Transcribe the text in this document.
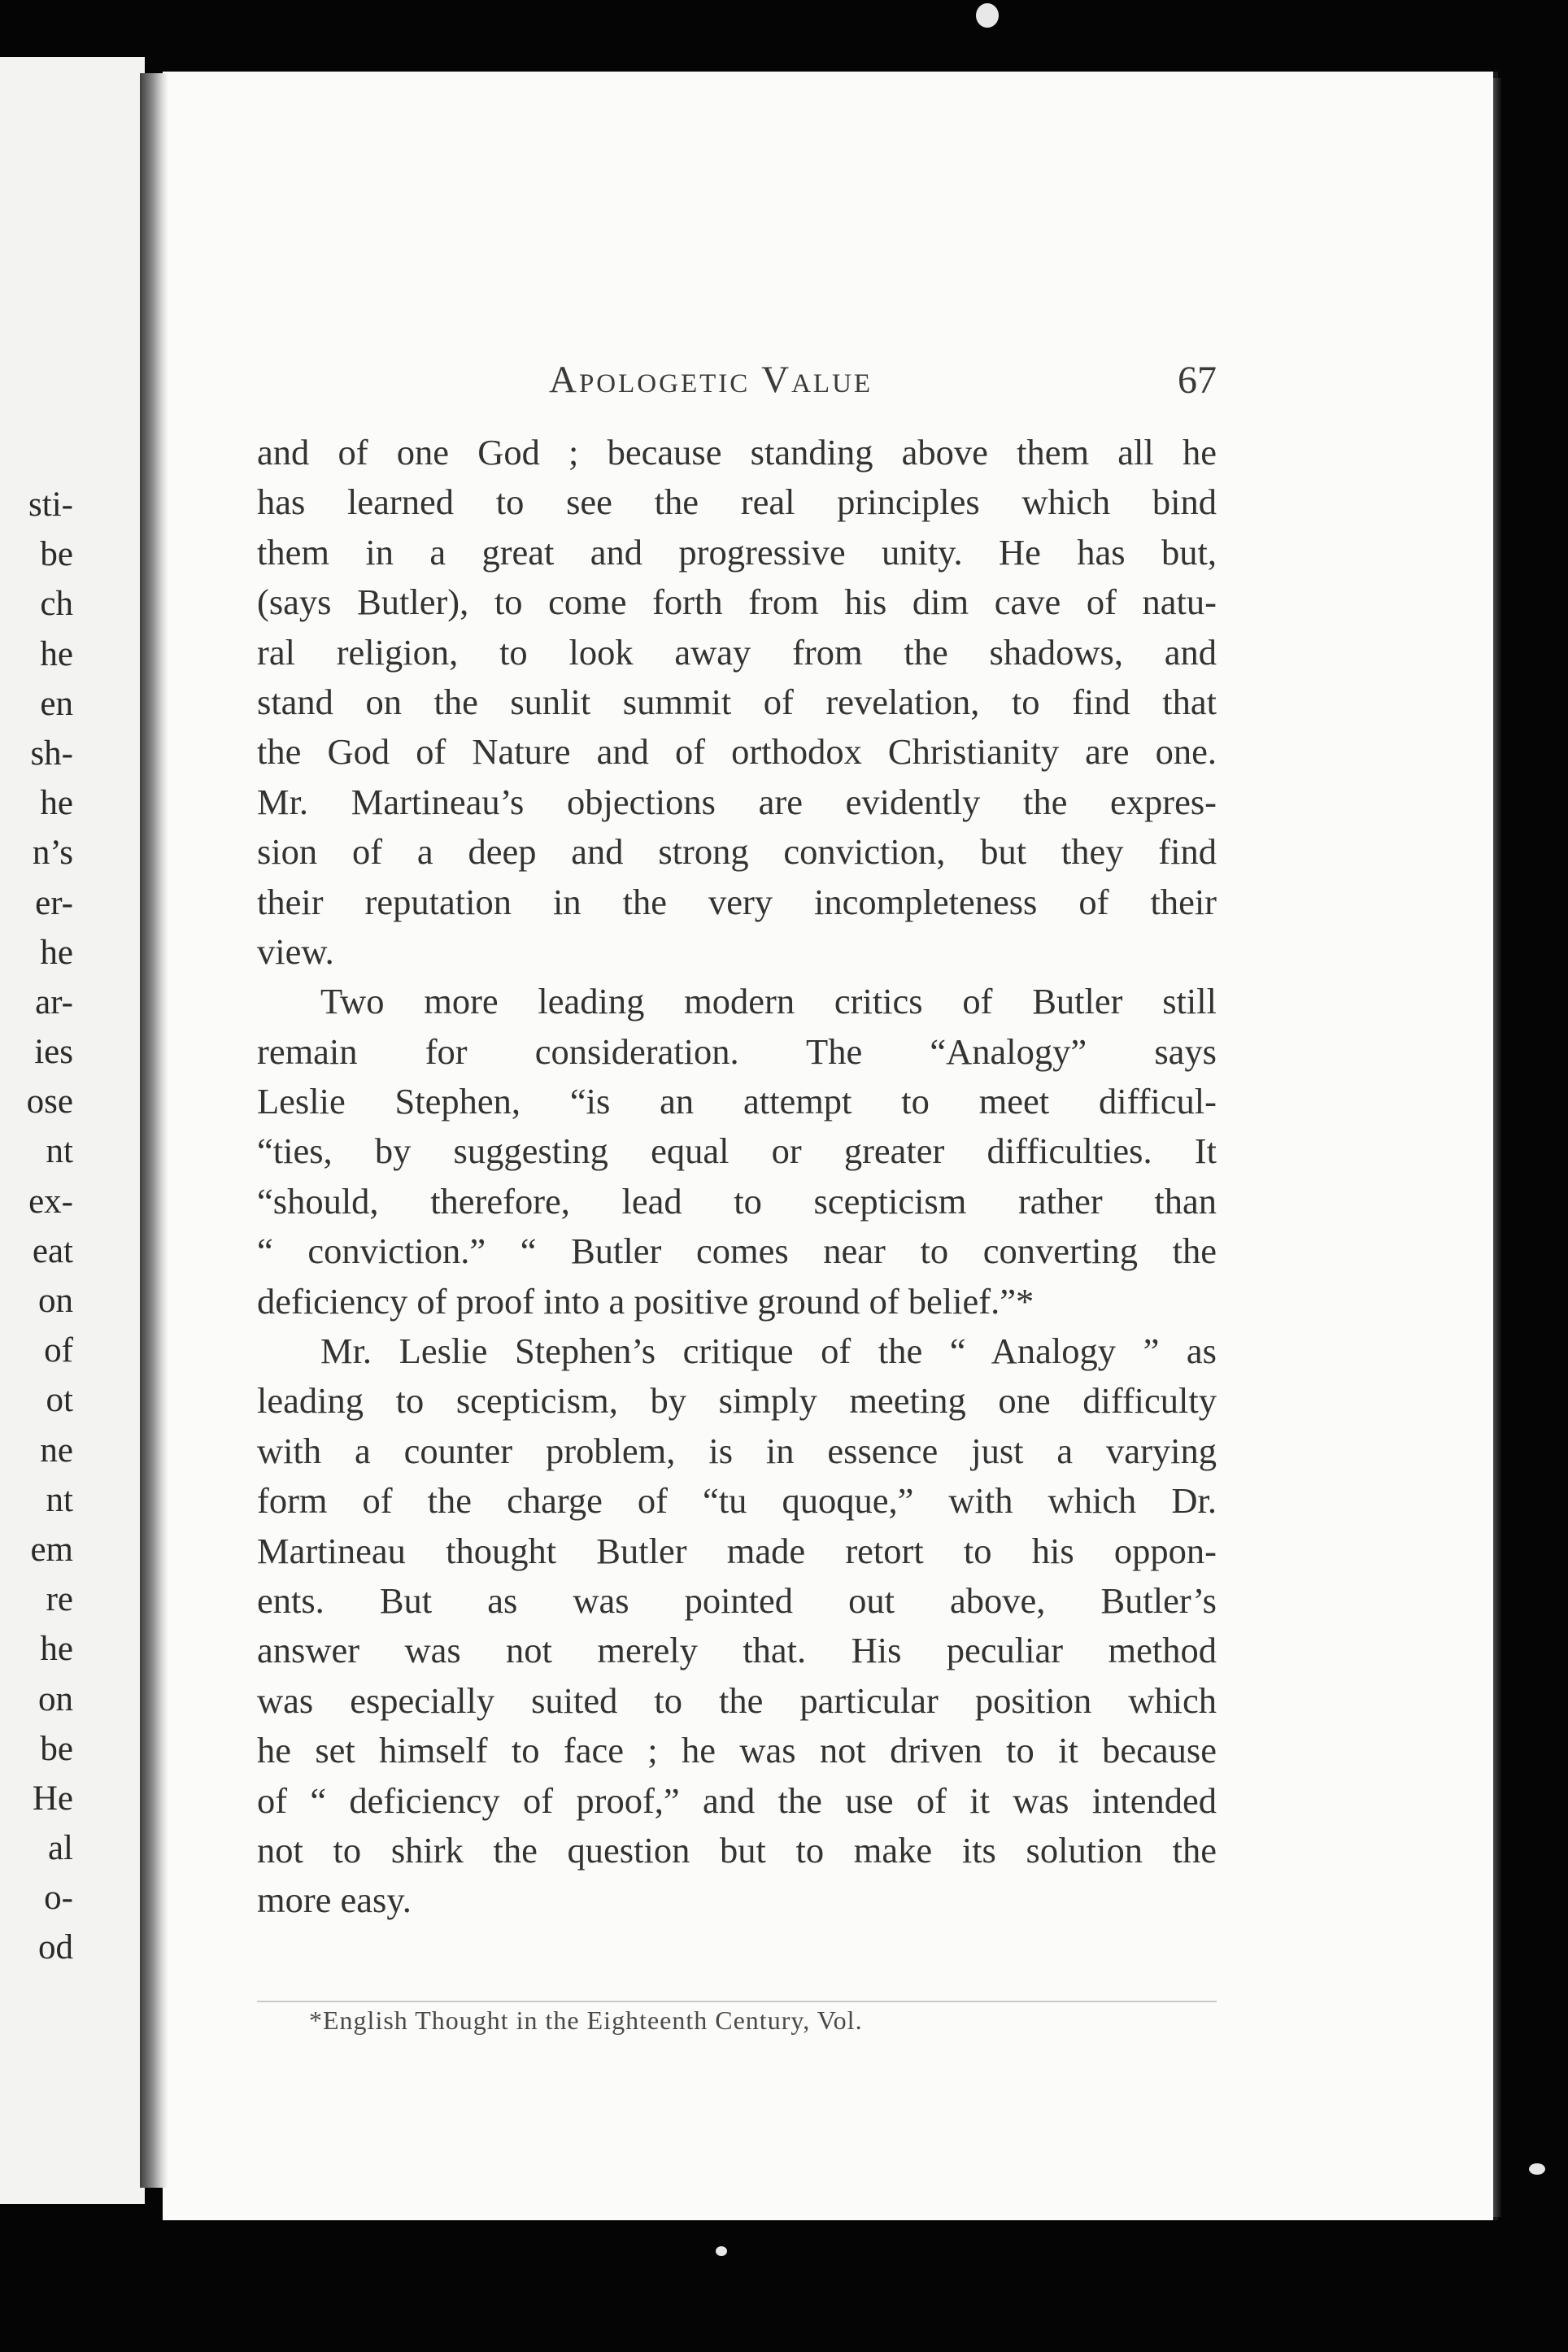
sti-
be
ch
he
en
sh-
he
n’s
er-
he
ar-
ies
ose
nt
ex-
eat
on
of
ot
ne
nt
em
re
he
on
be
He
al
o-
od
Apologetic Value	67
and of one God ; because standing above them all he
has learned to see the real principles which bind
them in a great and progressive unity. He has but,
(says Butler), to come forth from his dim cave of natu-
ral religion, to look away from the shadows, and
stand on the sunlit summit of revelation, to find that
the God of Nature and of orthodox Christianity are one.
Mr. Martineau’s objections are evidently the expres-
sion of a deep and strong conviction, but they find
their reputation in the very incompleteness of their
view.
Two more leading modern critics of Butler still
remain for consideration. The “Analogy” says
Leslie Stephen, “is an attempt to meet difficul-
“ties, by suggesting equal or greater difficulties. It
“should, therefore, lead to scepticism rather than
“ conviction.” “ Butler comes near to converting the
deficiency of proof into a positive ground of belief.”*
Mr. Leslie Stephen’s critique of the “ Analogy ” as
leading to scepticism, by simply meeting one difficulty
with a counter problem, is in essence just a varying
form of the charge of “tu quoque,” with which Dr.
Martineau thought Butler made retort to his oppon-
ents. But as was pointed out above, Butler’s
answer was not merely that. His peculiar method
was especially suited to the particular position which
he set himself to face ; he was not driven to it because
of “ deficiency of proof,” and the use of it was intended
not to shirk the question but to make its solution the
more easy.
*English Thought in the Eighteenth Century, Vol.
